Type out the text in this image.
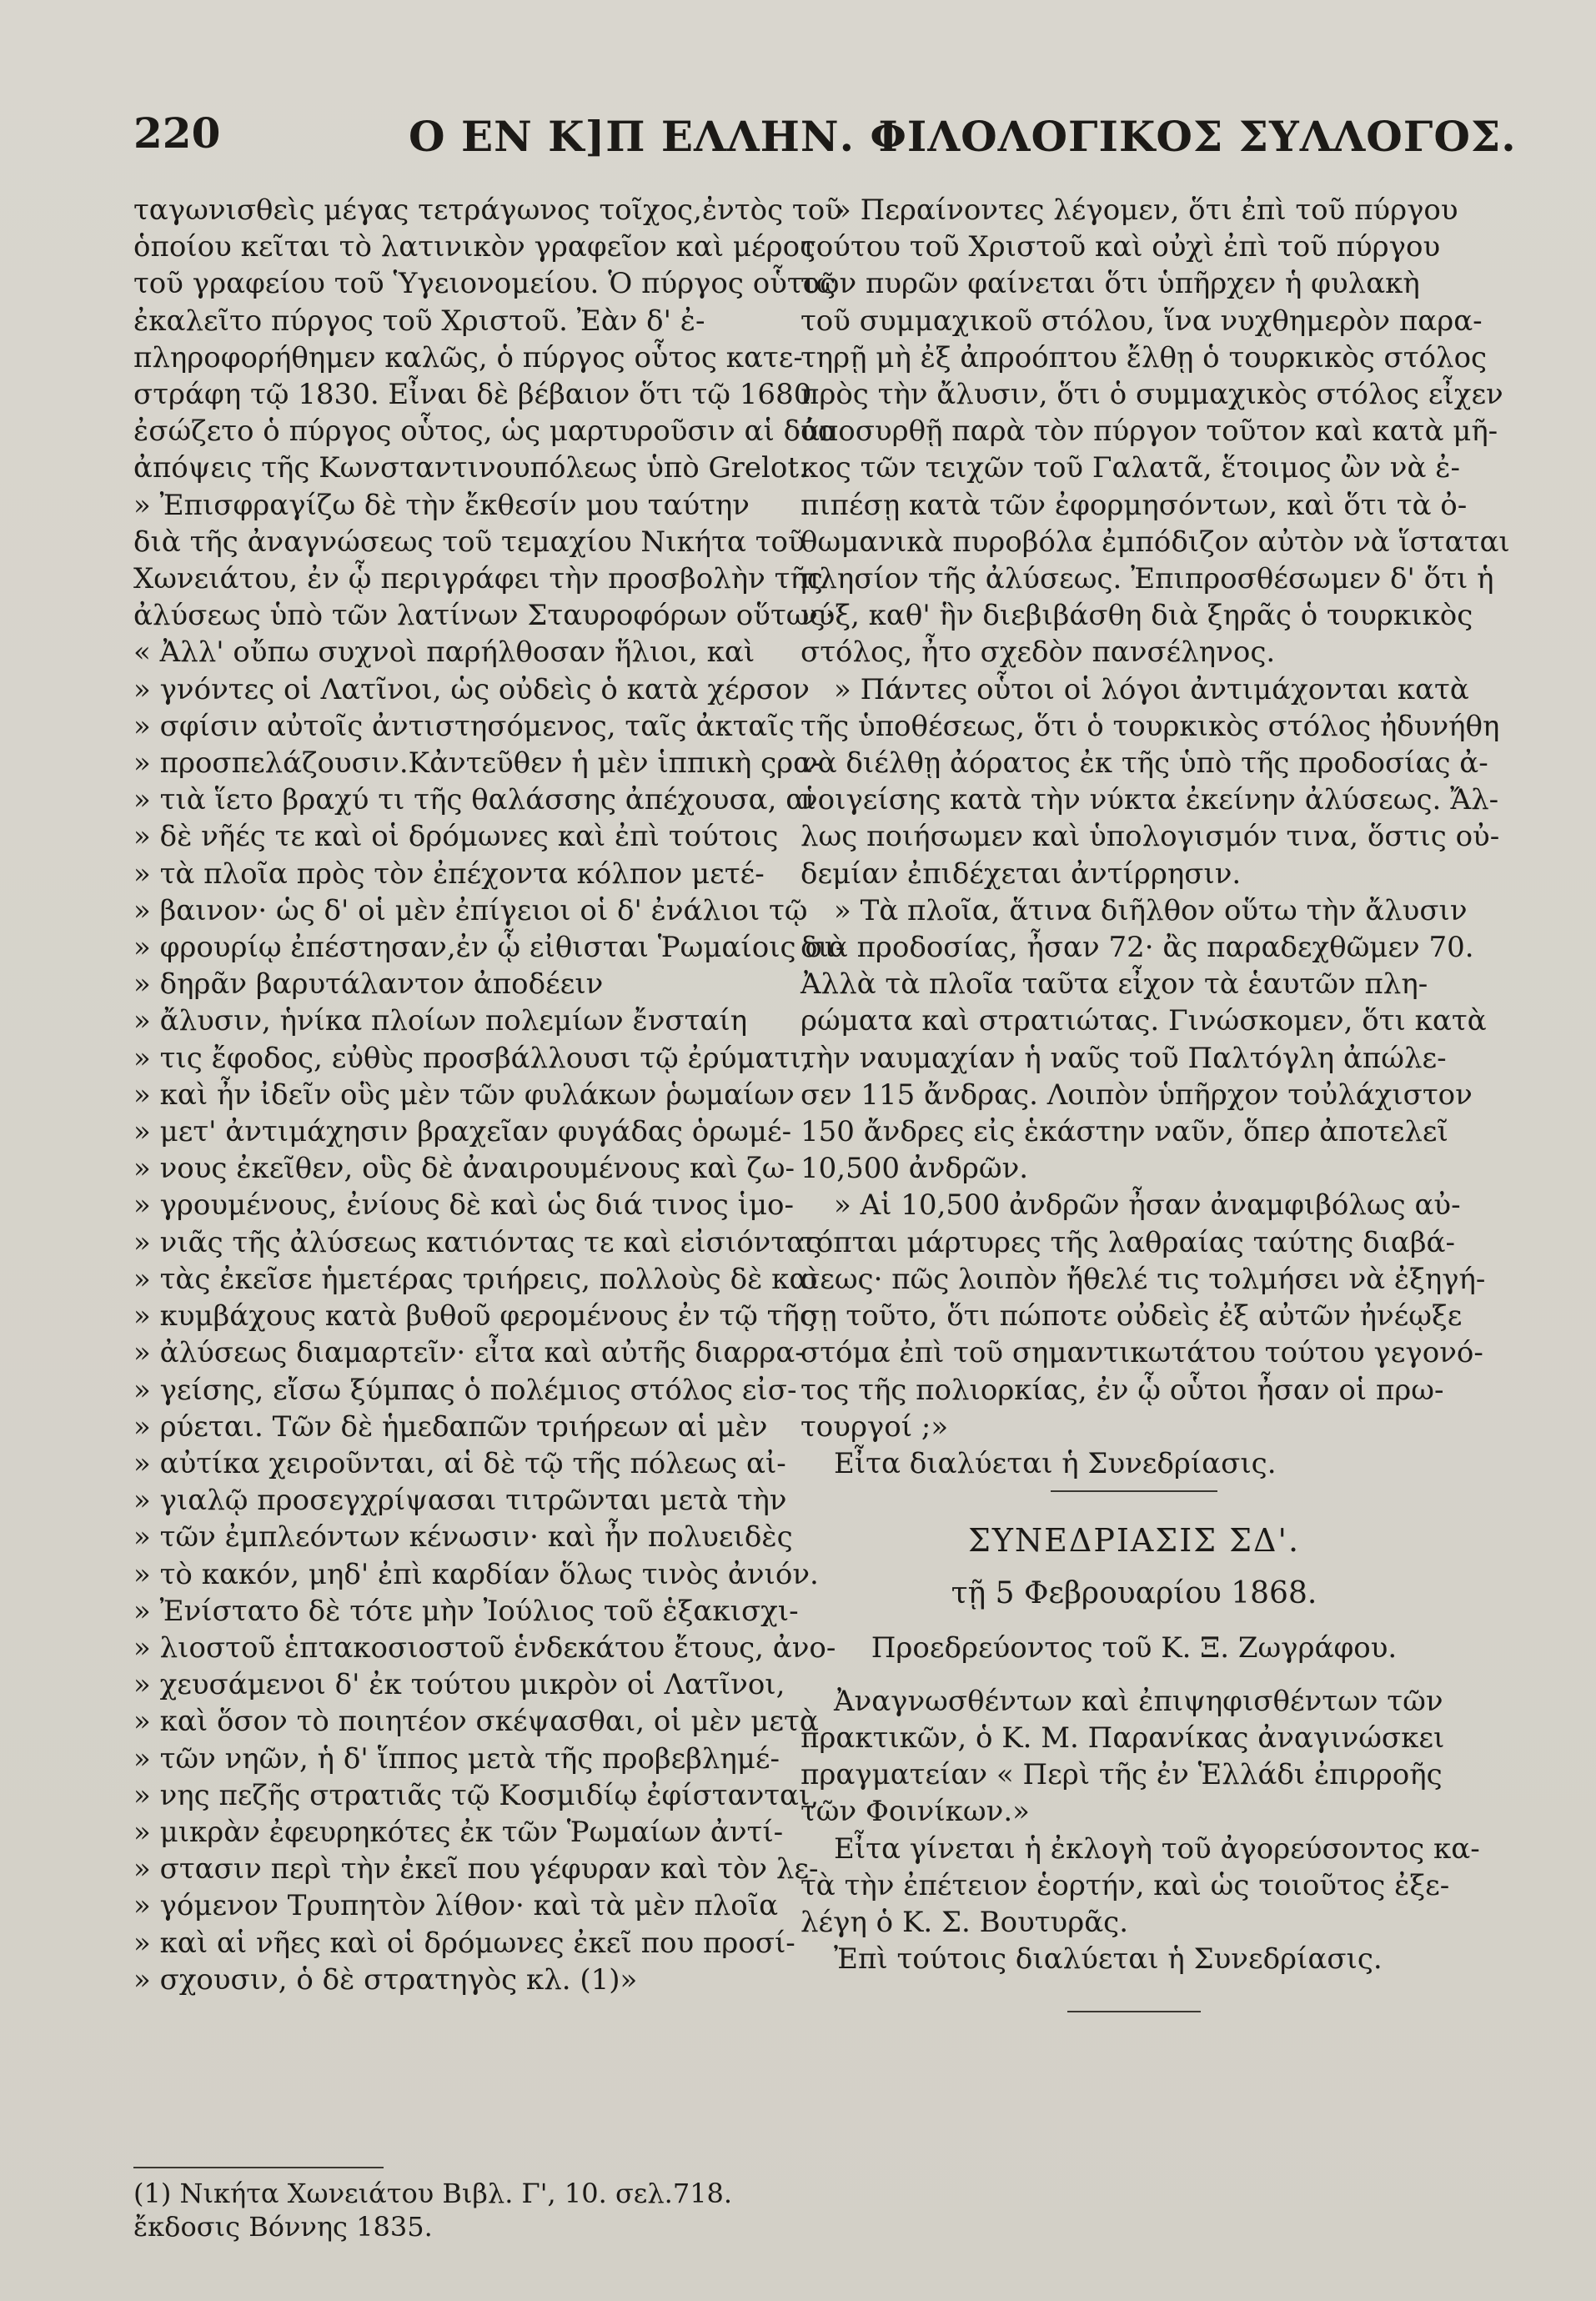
220	Ο ΕΝ Κ]Π ΕΛΛΗΝ. ΦΙΛΟΛΟΓΙΚΟΣ ΣΥΛΛΟΓΟΣ.
ταγωνισθεὶς μέγας τετράγωνος τοῖχος,ἐντὸς τοῦ
ὁποίου κεῖται τὸ λατινικὸν γραφεῖον καὶ μέρος
τοῦ γραφείου τοῦ Ὑγειονομείου. Ὁ πύργος οὗτος
ἐκαλεῖτο πύργος τοῦ Χριστοῦ. Ἐὰν δ' ἐ-
πληροφορήθημεν καλῶς, ὁ πύργος οὗτος κατε-
στράφη τῷ 1830. Εἶναι δὲ βέβαιον ὅτι τῷ 1680
ἐσώζετο ὁ πύργος οὗτος, ὡς μαρτυροῦσιν αἱ δύο
ἀπόψεις τῆς Κωνσταντινουπόλεως ὑπὸ Grelot.
» Ἐπισφραγίζω δὲ τὴν ἔκθεσίν μου ταύτην
διὰ τῆς ἀναγνώσεως τοῦ τεμαχίου Νικήτα τοῦ
Χωνειάτου, ἐν ᾧ περιγράφει τὴν προσβολὴν τῆς
ἀλύσεως ὑπὸ τῶν λατίνων Σταυροφόρων οὕτως·
« Ἀλλ' οὔπω συχνοὶ παρήλθοσαν ἥλιοι, καὶ
» γνόντες οἱ Λατῖνοι, ὡς οὐδεὶς ὁ κατὰ χέρσον
» σφίσιν αὐτοῖς ἀντιστησόμενος, ταῖς ἀκταῖς
» προσπελάζουσιν.Κἀντεῦθεν ἡ μὲν ἱππικὴ ςρα-
» τιὰ ἵετο βραχύ τι τῆς θαλάσσης ἀπέχουσα, αἱ
» δὲ νῆές τε καὶ οἱ δρόμωνες καὶ ἐπὶ τούτοις
» τὰ πλοῖα πρὸς τὸν ἐπέχοντα κόλπον μετέ-
» βαινον· ὡς δ' οἱ μὲν ἐπίγειοι οἱ δ' ἐνάλιοι τῷ
» φρουρίῳ ἐπέστησαν,ἐν ᾧ εἰθισται Ῥωμαίοις σι-
» δηρᾶν βαρυτάλαντον ἀποδέειν
» ἄλυσιν, ἡνίκα πλοίων πολεμίων ἔνσταίη
» τις ἔφοδος, εὐθὺς προσβάλλουσι τῷ ἐρύματι,
» καὶ ἦν ἰδεῖν οὓς μὲν τῶν φυλάκων ῥωμαίων
» μετ' ἀντιμάχησιν βραχεῖαν φυγάδας ὁρωμέ-
» νους ἐκεῖθεν, οὓς δὲ ἀναιρουμένους καὶ ζω-
» γρουμένους, ἐνίους δὲ καὶ ὡς διά τινος ἱμο-
» νιᾶς τῆς ἀλύσεως κατιόντας τε καὶ εἰσιόντας
» τὰς ἐκεῖσε ἡμετέρας τριήρεις, πολλοὺς δὲ καὶ
» κυμβάχους κατὰ βυθοῦ φερομένους ἐν τῷ τῆς
» ἀλύσεως διαμαρτεῖν· εἶτα καὶ αὐτῆς διαρρα-
» γείσης, εἴσω ξύμπας ὁ πολέμιος στόλος εἰσ-
» ρύεται. Τῶν δὲ ἡμεδαπῶν τριήρεων αἱ μὲν
» αὐτίκα χειροῦνται, αἱ δὲ τῷ τῆς πόλεως αἰ-
» γιαλῷ προσεγχρίψασαι τιτρῶνται μετὰ τὴν
» τῶν ἐμπλεόντων κένωσιν· καὶ ἦν πολυειδὲς
» τὸ κακόν, μηδ' ἐπὶ καρδίαν ὅλως τινὸς ἀνιόν.
» Ἐνίστατο δὲ τότε μὴν Ἰούλιος τοῦ ἑξακισχι-
» λιοστοῦ ἑπτακοσιοστοῦ ἑνδεκάτου ἔτους, ἀνο-
» χευσάμενοι δ' ἐκ τούτου μικρὸν οἱ Λατῖνοι,
» καὶ ὅσον τὸ ποιητέον σκέψασθαι, οἱ μὲν μετὰ
» τῶν νηῶν, ἡ δ' ἵππος μετὰ τῆς προβεβλημέ-
» νης πεζῆς στρατιᾶς τῷ Κοσμιδίῳ ἐφίστανται,
» μικρὰν ἐφευρηκότες ἐκ τῶν Ῥωμαίων ἀντί-
» στασιν περὶ τὴν ἐκεῖ που γέφυραν καὶ τὸν λε-
» γόμενον Τρυπητὸν λίθον· καὶ τὰ μὲν πλοῖα
» καὶ αἱ νῆες καὶ οἱ δρόμωνες ἐκεῖ που προσί-
» σχουσιν, ὁ δὲ στρατηγὸς κλ. (1)»
(1) Νικήτα Χωνειάτου Βιβλ. Γ', 10. σελ.718. ἔκδοσις Βόννης 1835.
» Περαίνοντες λέγομεν, ὅτι ἐπὶ τοῦ πύργου
τούτου τοῦ Χριστοῦ καὶ οὐχὶ ἐπὶ τοῦ πύργου
τῶν πυρῶν φαίνεται ὅτι ὑπῆρχεν ἡ φυλακὴ
τοῦ συμμαχικοῦ στόλου, ἵνα νυχθημερὸν παρα-
τηρῇ μὴ ἐξ ἀπροόπτου ἔλθῃ ὁ τουρκικὸς στόλος
πρὸς τὴν ἄλυσιν, ὅτι ὁ συμμαχικὸς στόλος εἶχεν
ἀποσυρθῇ παρὰ τὸν πύργον τοῦτον καὶ κατὰ μῆ-
κος τῶν τειχῶν τοῦ Γαλατᾶ, ἕτοιμος ὢν νὰ ἐ-
πιπέσῃ κατὰ τῶν ἐφορμησόντων, καὶ ὅτι τὰ ὀ-
θωμανικὰ πυροβόλα ἐμπόδιζον αὐτὸν νὰ ἵσταται
πλησίον τῆς ἀλύσεως. Ἐπιπροσθέσωμεν δ' ὅτι ἡ
νύξ, καθ' ἣν διεβιβάσθη διὰ ξηρᾶς ὁ τουρκικὸς
στόλος, ἦτο σχεδὸν πανσέληνος.
» Πάντες οὗτοι οἱ λόγοι ἀντιμάχονται κατὰ
τῆς ὑποθέσεως, ὅτι ὁ τουρκικὸς στόλος ἠδυνήθη
νὰ διέλθῃ ἀόρατος ἐκ τῆς ὑπὸ τῆς προδοσίας ἀ-
νοιγείσης κατὰ τὴν νύκτα ἐκείνην ἀλύσεως. Ἄλ-
λως ποιήσωμεν καὶ ὑπολογισμόν τινα, ὅστις οὐ-
δεμίαν ἐπιδέχεται ἀντίρρησιν.
» Τὰ πλοῖα, ἅτινα διῆλθον οὕτω τὴν ἄλυσιν
διὰ προδοσίας, ἦσαν 72· ἂς παραδεχθῶμεν 70.
Ἀλλὰ τὰ πλοῖα ταῦτα εἶχον τὰ ἑαυτῶν πλη-
ρώματα καὶ στρατιώτας. Γινώσκομεν, ὅτι κατὰ
τὴν ναυμαχίαν ἡ ναῦς τοῦ Παλτόγλη ἀπώλε-
σεν 115 ἄνδρας. Λοιπὸν ὑπῆρχον τοὐλάχιστον
150 ἄνδρες εἰς ἑκάστην ναῦν, ὅπερ ἀποτελεῖ
10,500 ἀνδρῶν.
» Αἱ 10,500 ἀνδρῶν ἦσαν ἀναμφιβόλως αὐ-
τόπται μάρτυρες τῆς λαθραίας ταύτης διαβά-
σεως· πῶς λοιπὸν ἤθελέ τις τολμήσει νὰ ἐξηγή-
σῃ τοῦτο, ὅτι πώποτε οὐδεὶς ἐξ αὐτῶν ἠνέῳξε
στόμα ἐπὶ τοῦ σημαντικωτάτου τούτου γεγονό-
τος τῆς πολιορκίας, ἐν ᾧ οὗτοι ἦσαν οἱ πρω-
τουργοί ;»

Εἶτα διαλύεται ἡ Συνεδρίασις.

ΣΥΝΕΔΡΙΑΣΙΣ ΣΔ'.
τῇ 5 Φεβρουαρίου 1868.
Προεδρεύοντος τοῦ Κ. Ξ. Ζωγράφου.
Ἀναγνωσθέντων καὶ ἐπιψηφισθέντων τῶν
πρακτικῶν, ὁ Κ. Μ. Παρανίκας ἀναγινώσκει
πραγματείαν « Περὶ τῆς ἐν Ἑλλάδι ἐπιρροῆς
τῶν Φοινίκων.»
Εἶτα γίνεται ἡ ἐκλογὴ τοῦ ἀγορεύσοντος κα-
τὰ τὴν ἐπέτειον ἑορτήν, καὶ ὡς τοιοῦτος ἐξε-
λέγη ὁ Κ. Σ. Βουτυρᾶς.

Ἐπὶ τούτοις διαλύεται ἡ Συνεδρίασις.
